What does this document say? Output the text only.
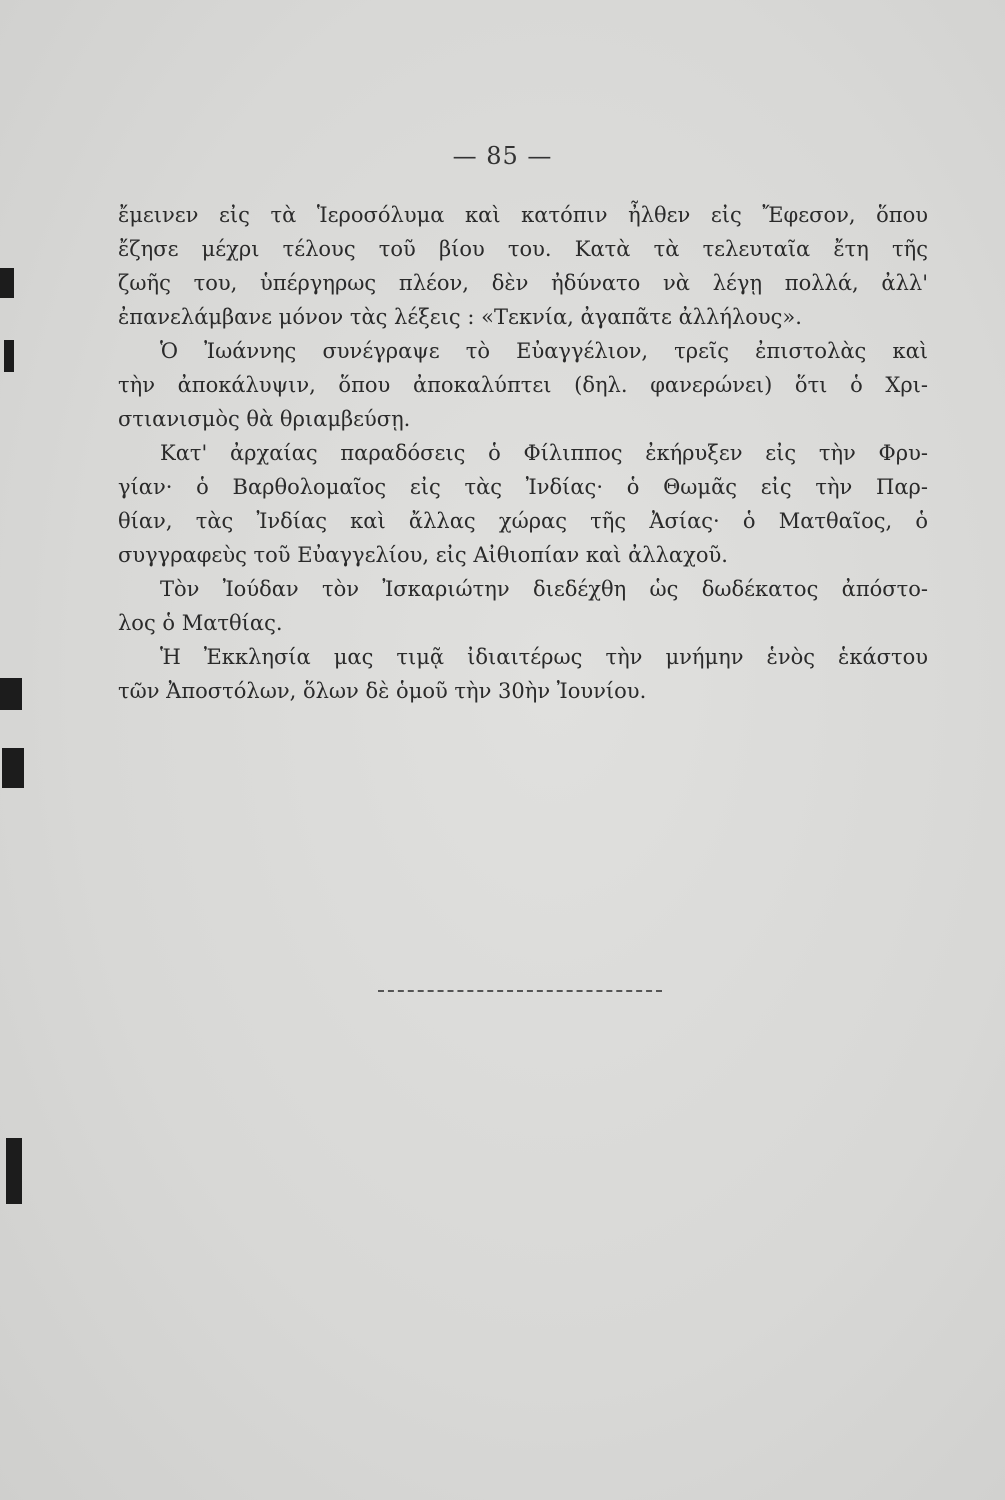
— 85 —
ἔμεινεν εἰς τὰ Ἱεροσόλυμα καὶ κατόπιν ἦλθεν εἰς Ἔφεσον, ὅπου
ἔζησε μέχρι τέλους τοῦ βίου του. Κατὰ τὰ τελευταῖα ἔτη τῆς
ζωῆς του, ὑπέργηρως πλέον, δὲν ἠδύνατο νὰ λέγῃ πολλά, ἀλλ'
ἐπανελάμβανε μόνον τὰς λέξεις : «Τεκνία, ἀγαπᾶτε ἀλλήλους».
Ὁ Ἰωάννης συνέγραψε τὸ Εὐαγγέλιον, τρεῖς ἐπιστολὰς καὶ
τὴν ἀποκάλυψιν, ὅπου ἀποκαλύπτει (δηλ. φανερώνει) ὅτι ὁ Χρι-
στιανισμὸς θὰ θριαμβεύσῃ.
Κατ' ἀρχαίας παραδόσεις ὁ Φίλιππος ἐκήρυξεν εἰς τὴν Φρυ-
γίαν· ὁ Βαρθολομαῖος εἰς τὰς Ἰνδίας· ὁ Θωμᾶς εἰς τὴν Παρ-
θίαν, τὰς Ἰνδίας καὶ ἄλλας χώρας τῆς Ἀσίας· ὁ Ματθαῖος, ὁ
συγγραφεὺς τοῦ Εὐαγγελίου, εἰς Αἰθιοπίαν καὶ ἀλλαχοῦ.
Τὸν Ἰούδαν τὸν Ἰσκαριώτην διεδέχθη ὡς δωδέκατος ἀπόστο-
λος ὁ Ματθίας.
Ἡ Ἐκκλησία μας τιμᾷ ἰδιαιτέρως τὴν μνήμην ἑνὸς ἑκάστου
τῶν Ἀποστόλων, ὅλων δὲ ὁμοῦ τὴν 30ὴν Ἰουνίου.
